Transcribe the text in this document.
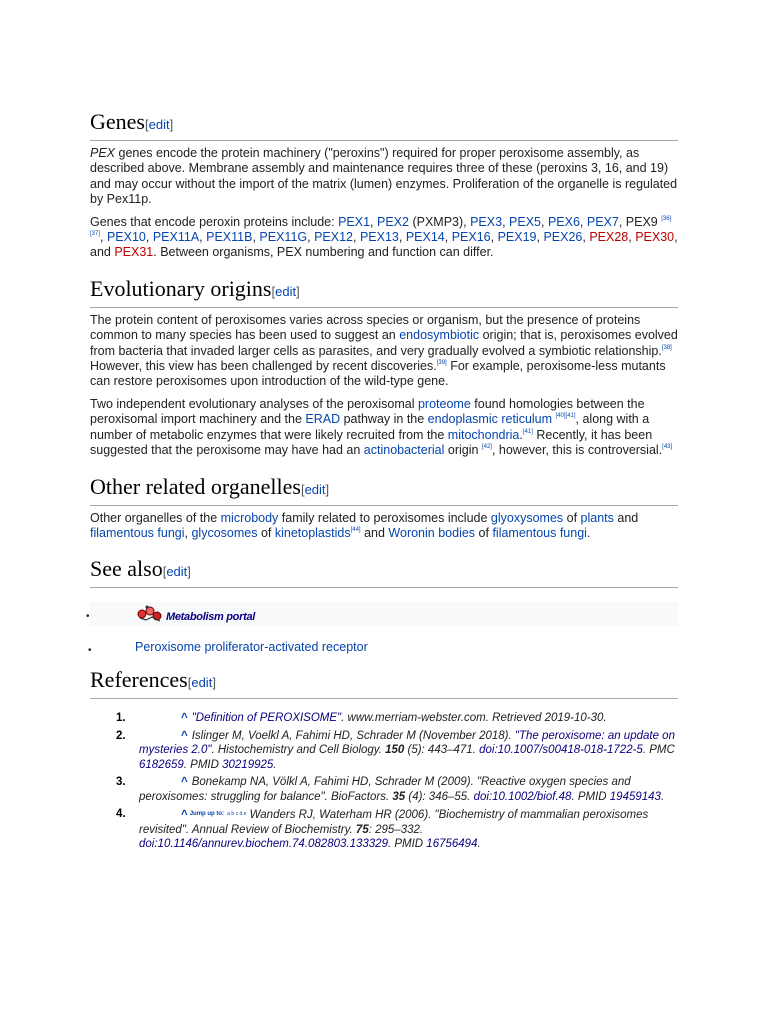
Genes[edit]

PEX genes encode the protein machinery ("peroxins") required for proper peroxisome assembly, as described above. Membrane assembly and maintenance requires three of these (peroxins 3, 16, and 19) and may occur without the import of the matrix (lumen) enzymes. Proliferation of the organelle is regulated by Pex11p.

Genes that encode peroxin proteins include: PEX1, PEX2 (PXMP3), PEX3, PEX5, PEX6, PEX7, PEX9 [36][37], PEX10, PEX11A, PEX11B, PEX11G, PEX12, PEX13, PEX14, PEX16, PEX19, PEX26, PEX28, PEX30, and PEX31. Between organisms, PEX numbering and function can differ.

Evolutionary origins[edit]

The protein content of peroxisomes varies across species or organism, but the presence of proteins common to many species has been used to suggest an endosymbiotic origin; that is, peroxisomes evolved from bacteria that invaded larger cells as parasites, and very gradually evolved a symbiotic relationship.[38] However, this view has been challenged by recent discoveries.[39] For example, peroxisome-less mutants can restore peroxisomes upon introduction of the wild-type gene.

Two independent evolutionary analyses of the peroxisomal proteome found homologies between the peroxisomal import machinery and the ERAD pathway in the endoplasmic reticulum [40][41], along with a number of metabolic enzymes that were likely recruited from the mitochondria.[41] Recently, it has been suggested that the peroxisome may have had an actinobacterial origin [42], however, this is controversial.[43]

Other related organelles[edit]

Other organelles of the microbody family related to peroxisomes include glyoxysomes of plants and filamentous fungi, glycosomes of kinetoplastids[44] and Woronin bodies of filamentous fungi.

See also[edit]
•	Metabolism portal
•	Peroxisome proliferator-activated receptor
References[edit]
1.	^ "Definition of PEROXISOME". www.merriam-webster.com. Retrieved 2019-10-30.
2.	^ Islinger M, Voelkl A, Fahimi HD, Schrader M (November 2018). "The peroxisome: an update on mysteries 2.0". Histochemistry and Cell Biology. 150 (5): 443–471. doi:10.1007/s00418-018-1722-5. PMC 6182659. PMID 30219925.
3.	^ Bonekamp NA, Völkl A, Fahimi HD, Schrader M (2009). "Reactive oxygen species and peroxisomes: struggling for balance". BioFactors. 35 (4): 346–55. doi:10.1002/biof.48. PMID 19459143.
4.	^ $^{Jump up to:}$ $^{a b c d e}$ Wanders RJ, Waterham HR (2006). "Biochemistry of mammalian peroxisomes revisited". Annual Review of Biochemistry. 75: 295–332. doi:10.1146/annurev.biochem.74.082803.133329. PMID 16756494.
